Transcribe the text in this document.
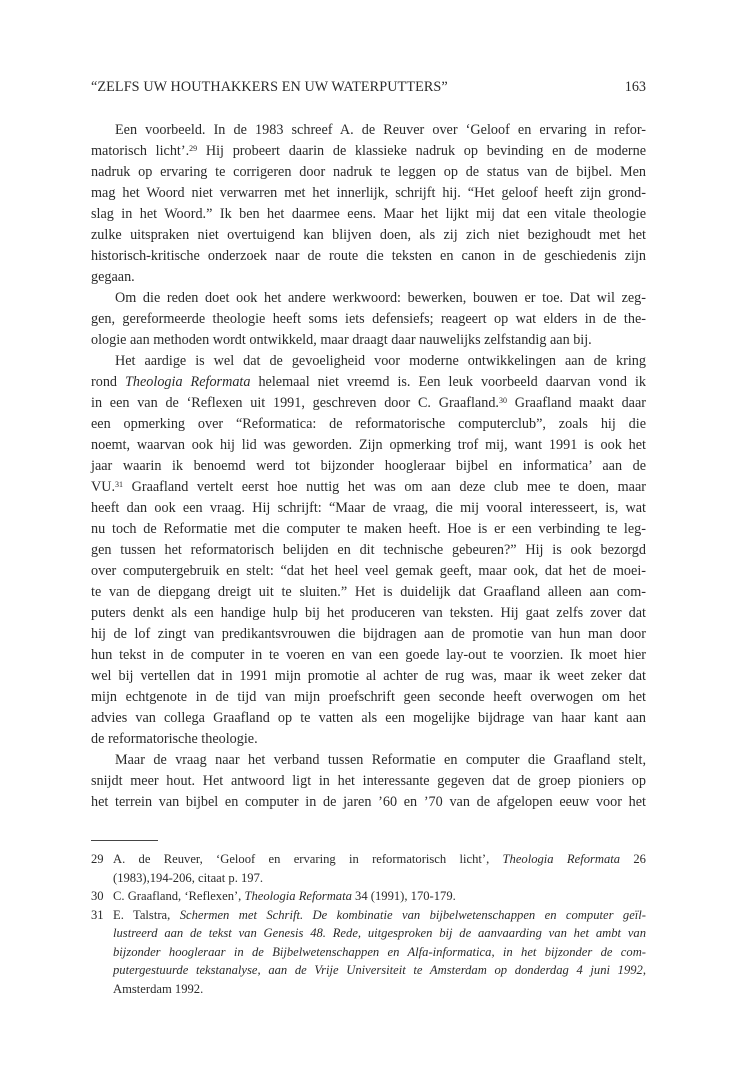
“ZELFS UW HOUTHAKKERS EN UW WATERPUTTERS”	163
Een voorbeeld. In de 1983 schreef A. de Reuver over ‘Geloof en ervaring in refor-
matorisch licht’.$^{29}$ Hij probeert daarin de klassieke nadruk op bevinding en de moderne
nadruk op ervaring te corrigeren door nadruk te leggen op de status van de bijbel. Men
mag het Woord niet verwarren met het innerlijk, schrijft hij. “Het geloof heeft zijn grond-
slag in het Woord.” Ik ben het daarmee eens. Maar het lijkt mij dat een vitale theologie
zulke uitspraken niet overtuigend kan blijven doen, als zij zich niet bezighoudt met het
historisch-kritische onderzoek naar de route die teksten en canon in de geschiedenis zijn
gegaan.
Om die reden doet ook het andere werkwoord: bewerken, bouwen er toe. Dat wil zeg-
gen, gereformeerde theologie heeft soms iets defensiefs; reageert op wat elders in de the-
ologie aan methoden wordt ontwikkeld, maar draagt daar nauwelijks zelfstandig aan bij.
Het aardige is wel dat de gevoeligheid voor moderne ontwikkelingen aan de kring
rond Theologia Reformata helemaal niet vreemd is. Een leuk voorbeeld daarvan vond ik
in een van de ‘Reflexen uit 1991, geschreven door C. Graafland.$^{30}$ Graafland maakt daar
een opmerking over “Reformatica: de reformatorische computerclub”, zoals hij die
noemt, waarvan ook hij lid was geworden. Zijn opmerking trof mij, want 1991 is ook het
jaar waarin ik benoemd werd tot bijzonder hoogleraar bijbel en informatica’ aan de
VU.$^{31}$ Graafland vertelt eerst hoe nuttig het was om aan deze club mee te doen, maar
heeft dan ook een vraag. Hij schrijft: “Maar de vraag, die mij vooral interesseert, is, wat
nu toch de Reformatie met die computer te maken heeft. Hoe is er een verbinding te leg-
gen tussen het reformatorisch belijden en dit technische gebeuren?” Hij is ook bezorgd
over computergebruik en stelt: “dat het heel veel gemak geeft, maar ook, dat het de moei-
te van de diepgang dreigt uit te sluiten.” Het is duidelijk dat Graafland alleen aan com-
puters denkt als een handige hulp bij het produceren van teksten. Hij gaat zelfs zover dat
hij de lof zingt van predikantsvrouwen die bijdragen aan de promotie van hun man door
hun tekst in de computer in te voeren en van een goede lay-out te voorzien. Ik moet hier
wel bij vertellen dat in 1991 mijn promotie al achter de rug was, maar ik weet zeker dat
mijn echtgenote in de tijd van mijn proefschrift geen seconde heeft overwogen om het
advies van collega Graafland op te vatten als een mogelijke bijdrage van haar kant aan
de reformatorische theologie.
Maar de vraag naar het verband tussen Reformatie en computer die Graafland stelt,
snijdt meer hout. Het antwoord ligt in het interessante gegeven dat de groep pioniers op
het terrein van bijbel en computer in de jaren ’60 en ’70 van de afgelopen eeuw voor het
29 A. de Reuver, ‘Geloof en ervaring in reformatorisch licht’, Theologia Reformata 26
(1983),194-206, citaat p. 197.
30 C. Graafland, ‘Reflexen’, Theologia Reformata 34 (1991), 170-179.
31 E. Talstra, Schermen met Schrift. De kombinatie van bijbelwetenschappen en computer geïl-
lustreerd aan de tekst van Genesis 48. Rede, uitgesproken bij de aanvaarding van het ambt van
bijzonder hoogleraar in de Bijbelwetenschappen en Alfa-informatica, in het bijzonder de com-
putergestuurde tekstanalyse, aan de Vrije Universiteit te Amsterdam op donderdag 4 juni 1992,
Amsterdam 1992.
